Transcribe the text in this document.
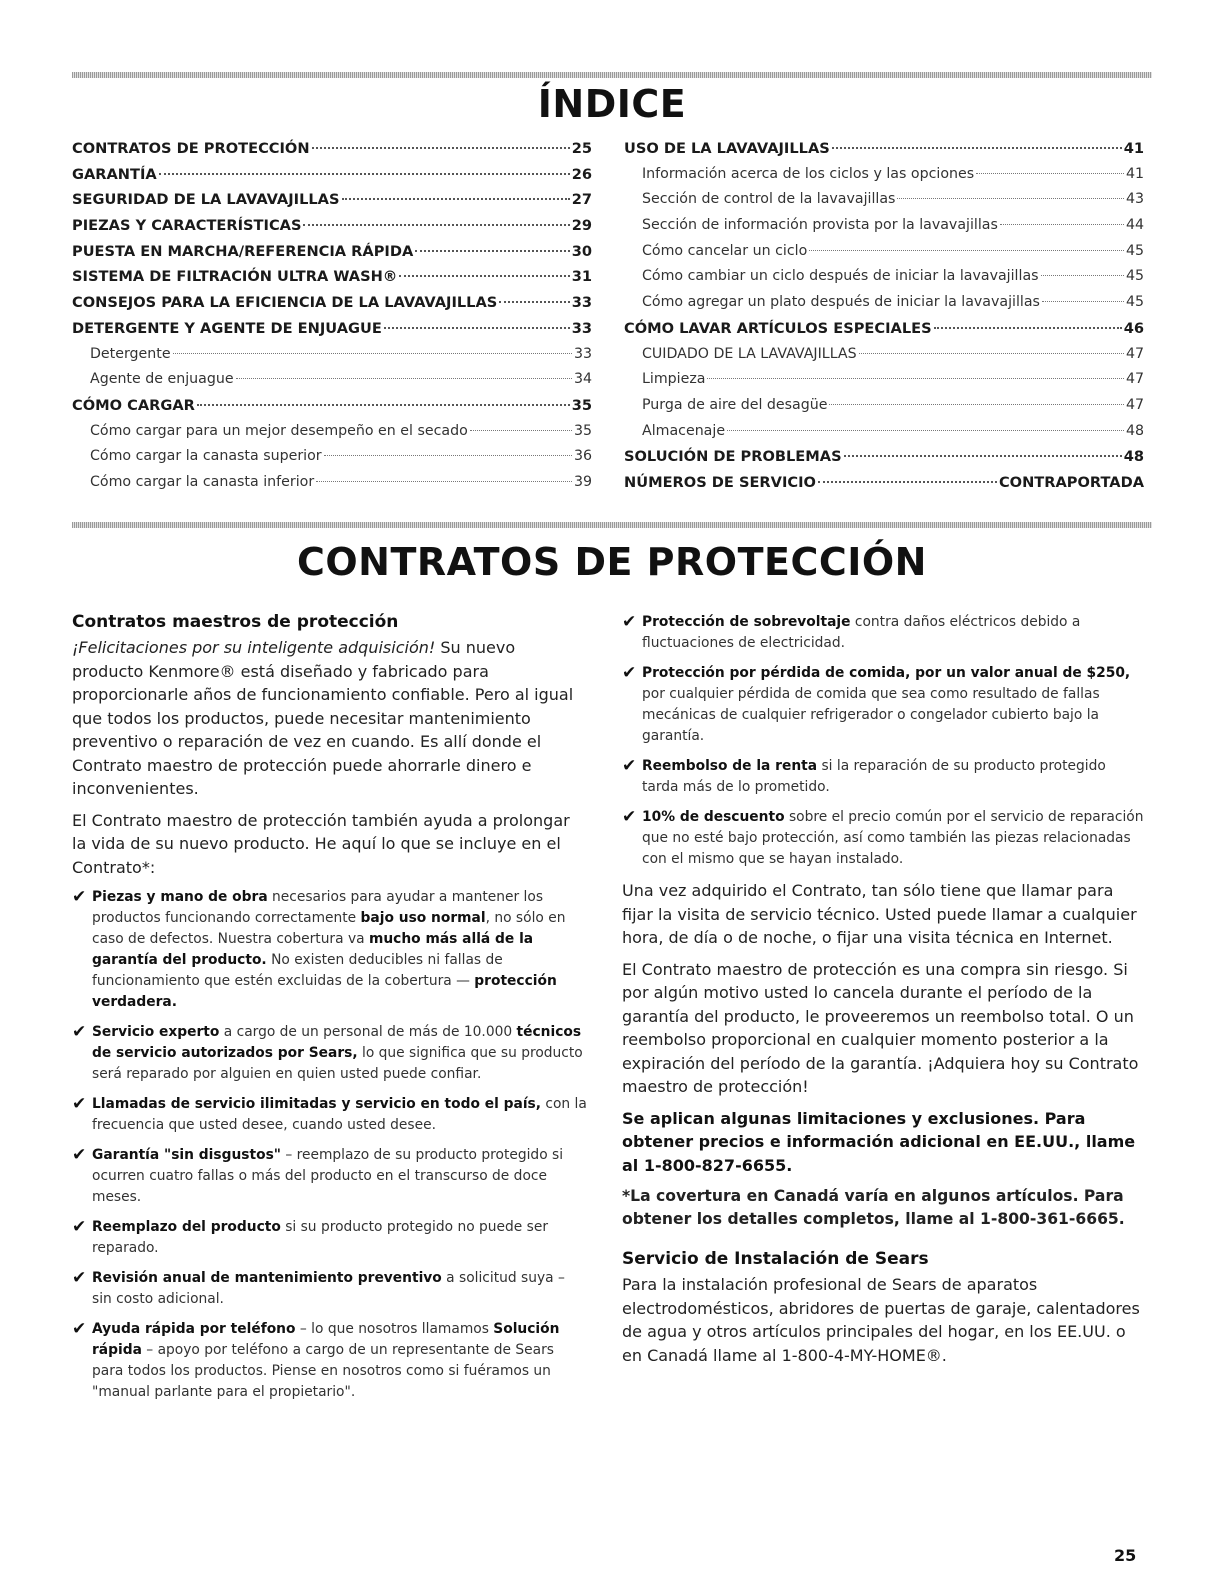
ÍNDICE
CONTRATOS DE PROTECCIÓN	25
GARANTÍA	26
SEGURIDAD DE LA LAVAVAJILLAS	27
PIEZAS Y CARACTERÍSTICAS	29
PUESTA EN MARCHA/REFERENCIA RÁPIDA	30
SISTEMA DE FILTRACIÓN ULTRA WASH®	31
CONSEJOS PARA LA EFICIENCIA DE LA LAVAVAJILLAS	33
DETERGENTE Y AGENTE DE ENJUAGUE	33
Detergente	33
Agente de enjuague	34
CÓMO CARGAR	35
Cómo cargar para un mejor desempeño en el secado	35
Cómo cargar la canasta superior	36
Cómo cargar la canasta inferior	39
USO DE LA LAVAVAJILLAS	41
Información acerca de los ciclos y las opciones	41
Sección de control de la lavavajillas	43
Sección de información provista por la lavavajillas	44
Cómo cancelar un ciclo	45
Cómo cambiar un ciclo después de iniciar la lavavajillas	45
Cómo agregar un plato después de iniciar la lavavajillas	45
CÓMO LAVAR ARTÍCULOS ESPECIALES	46
CUIDADO DE LA LAVAVAJILLAS	47
Limpieza	47
Purga de aire del desagüe	47
Almacenaje	48
SOLUCIÓN DE PROBLEMAS	48
NÚMEROS DE SERVICIO	CONTRAPORTADA
CONTRATOS DE PROTECCIÓN
Contratos maestros de protección

¡Felicitaciones por su inteligente adquisición! Su nuevo producto Kenmore® está diseñado y fabricado para proporcionarle años de funcionamiento confiable. Pero al igual que todos los productos, puede necesitar mantenimiento preventivo o reparación de vez en cuando. Es allí donde el Contrato maestro de protección puede ahorrarle dinero e inconvenientes.

El Contrato maestro de protección también ayuda a prolongar la vida de su nuevo producto. He aquí lo que se incluye en el Contrato*:

✔ Piezas y mano de obra necesarios para ayudar a mantener los productos funcionando correctamente bajo uso normal, no sólo en caso de defectos. Nuestra cobertura va mucho más allá de la garantía del producto. No existen deducibles ni fallas de funcionamiento que estén excluidas de la cobertura — protección verdadera.
✔ Servicio experto a cargo de un personal de más de 10.000 técnicos de servicio autorizados por Sears, lo que significa que su producto será reparado por alguien en quien usted puede confiar.
✔ Llamadas de servicio ilimitadas y servicio en todo el país, con la frecuencia que usted desee, cuando usted desee.
✔ Garantía "sin disgustos" – reemplazo de su producto protegido si ocurren cuatro fallas o más del producto en el transcurso de doce meses.
✔ Reemplazo del producto si su producto protegido no puede ser reparado.
✔ Revisión anual de mantenimiento preventivo a solicitud suya – sin costo adicional.
✔ Ayuda rápida por teléfono – lo que nosotros llamamos Solución rápida – apoyo por teléfono a cargo de un representante de Sears para todos los productos. Piense en nosotros como si fuéramos un "manual parlante para el propietario".
✔ Protección de sobrevoltaje contra daños eléctricos debido a fluctuaciones de electricidad.
✔ Protección por pérdida de comida, por un valor anual de $250, por cualquier pérdida de comida que sea como resultado de fallas mecánicas de cualquier refrigerador o congelador cubierto bajo la garantía.
✔ Reembolso de la renta si la reparación de su producto protegido tarda más de lo prometido.
✔ 10% de descuento sobre el precio común por el servicio de reparación que no esté bajo protección, así como también las piezas relacionadas con el mismo que se hayan instalado.

Una vez adquirido el Contrato, tan sólo tiene que llamar para fijar la visita de servicio técnico. Usted puede llamar a cualquier hora, de día o de noche, o fijar una visita técnica en Internet.

El Contrato maestro de protección es una compra sin riesgo. Si por algún motivo usted lo cancela durante el período de la garantía del producto, le proveeremos un reembolso total. O un reembolso proporcional en cualquier momento posterior a la expiración del período de la garantía. ¡Adquiera hoy su Contrato maestro de protección!

Se aplican algunas limitaciones y exclusiones. Para obtener precios e información adicional en EE.UU., llame al 1-800-827-6655.

*La covertura en Canadá varía en algunos artículos. Para obtener los detalles completos, llame al 1-800-361-6665.

Servicio de Instalación de Sears

Para la instalación profesional de Sears de aparatos electrodomésticos, abridores de puertas de garaje, calentadores de agua y otros artículos principales del hogar, en los EE.UU. o en Canadá llame al 1-800-4-MY-HOME®.

25
